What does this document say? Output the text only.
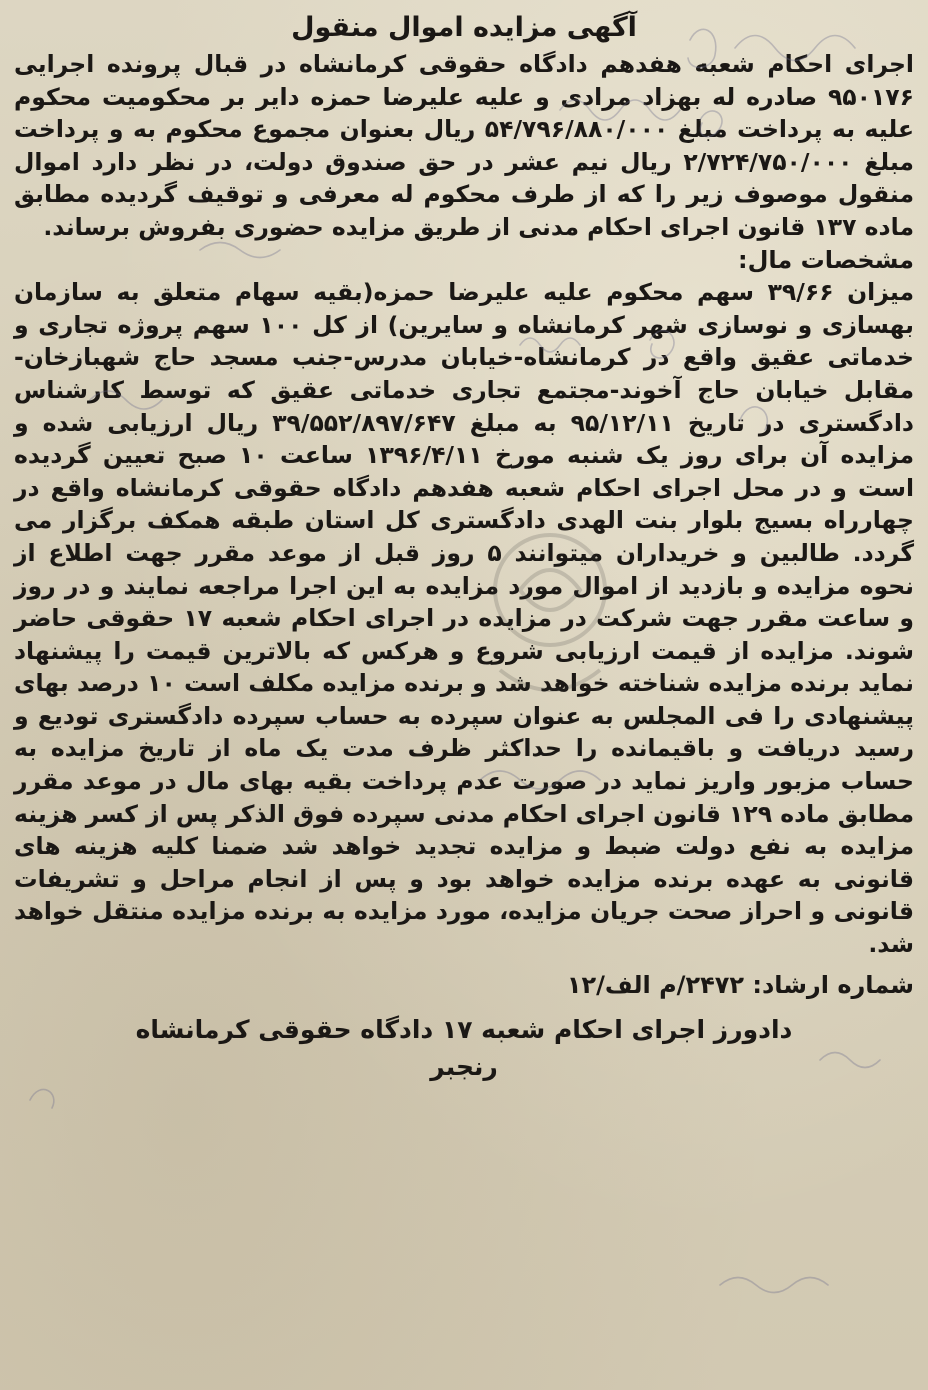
آگهی مزایده اموال منقول

اجرای احکام شعبه هفدهم دادگاه حقوقی کرمانشاه در قبال پرونده اجرایی ۹۵۰۱۷۶ صادره له بهزاد مرادی و علیه علیرضا حمزه دایر بر محکومیت محکوم علیه به پرداخت مبلغ ۵۴/۷۹۶/۸۸۰/۰۰۰ ریال بعنوان مجموع محکوم به و پرداخت مبلغ ۲/۷۲۴/۷۵۰/۰۰۰ ریال نیم عشر در حق صندوق دولت، در نظر دارد اموال منقول موصوف زیر را که از طرف محکوم له معرفی و توقیف گردیده مطابق ماده ۱۳۷ قانون اجرای احکام مدنی از طریق مزایده حضوری بفروش برساند.

مشخصات مال:

میزان ۳۹/۶۶ سهم محکوم علیه علیرضا حمزه(بقیه سهام متعلق به سازمان بهسازی و نوسازی شهر کرمانشاه و سایرین) از کل ۱۰۰ سهم پروژه تجاری و خدماتی عقیق واقع در کرمانشاه-خیابان مدرس-جنب مسجد حاج شهبازخان-مقابل خیابان حاج آخوند-مجتمع تجاری خدماتی عقیق که توسط کارشناس دادگستری در تاریخ ۹۵/۱۲/۱۱ به مبلغ ۳۹/۵۵۲/۸۹۷/۶۴۷ ریال ارزیابی شده و مزایده آن برای روز یک شنبه مورخ ۱۳۹۶/۴/۱۱ ساعت ۱۰ صبح تعیین گردیده است و در محل اجرای احکام شعبه هفدهم دادگاه حقوقی کرمانشاه واقع در چهارراه بسیج بلوار بنت الهدی دادگستری کل استان طبقه همکف برگزار می گردد. طالبین و خریداران میتوانند ۵ روز قبل از موعد مقرر جهت اطلاع از نحوه مزایده و بازدید از اموال مورد مزایده به این اجرا مراجعه نمایند و در روز و ساعت مقرر جهت شرکت در مزایده در اجرای احکام شعبه ۱۷ حقوقی حاضر شوند. مزایده از قیمت ارزیابی شروع و هرکس که بالاترین قیمت را پیشنهاد نماید برنده مزایده شناخته خواهد شد و برنده مزایده مکلف است ۱۰ درصد بهای پیشنهادی را فی المجلس به عنوان سپرده به حساب سپرده دادگستری تودیع و رسید دریافت و باقیمانده را حداکثر ظرف مدت یک ماه از تاریخ مزایده به حساب مزبور واریز نماید در صورت عدم پرداخت بقیه بهای مال در موعد مقرر مطابق ماده ۱۲۹ قانون اجرای احکام مدنی سپرده فوق الذکر پس از کسر هزینه مزایده به نفع دولت ضبط و مزایده تجدید خواهد شد ضمنا کلیه هزینه های قانونی به عهده برنده مزایده خواهد بود و پس از انجام مراحل و تشریفات قانونی و احراز صحت جریان مزایده، مورد مزایده به برنده مزایده منتقل خواهد شد.

شماره ارشاد: ۲۴۷۲/م الف/۱۲

دادورز اجرای احکام شعبه ۱۷ دادگاه حقوقی کرمانشاه

رنجبر
